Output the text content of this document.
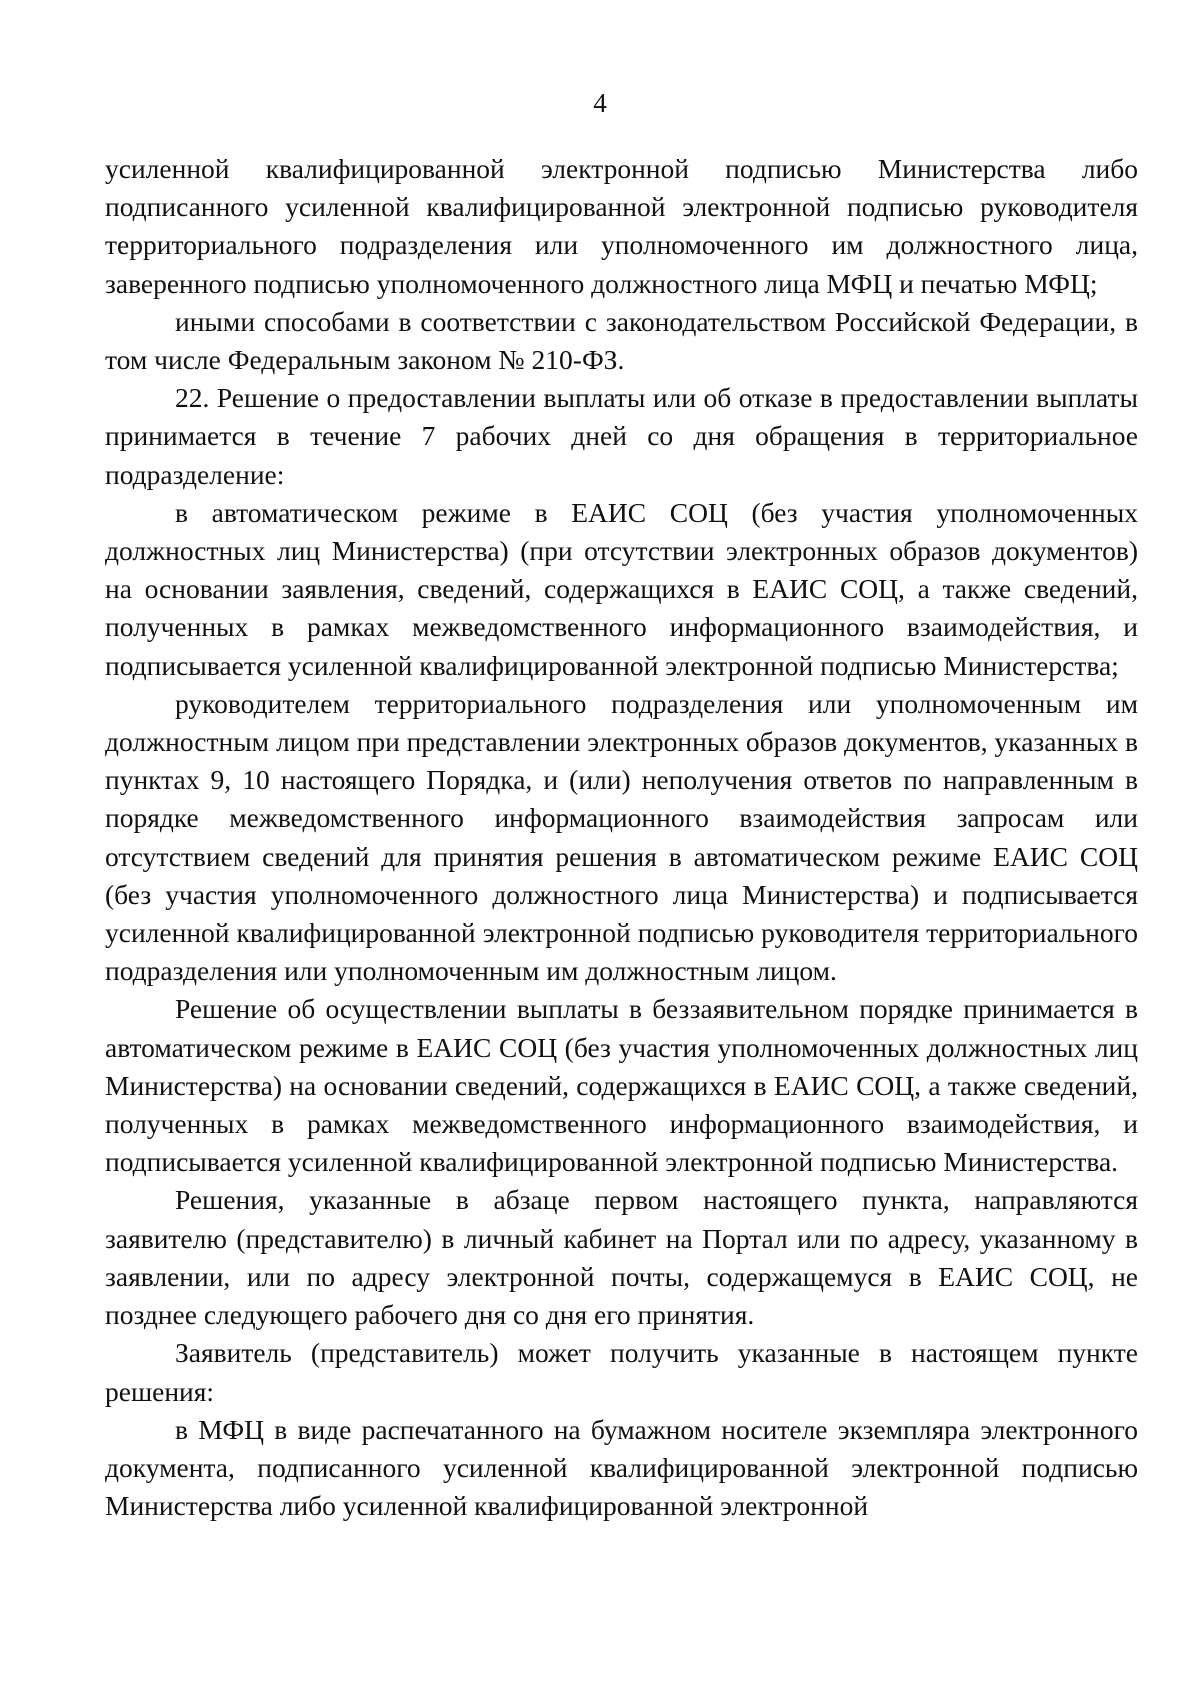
4

усиленной квалифицированной электронной подписью Министерства либо подписанного усиленной квалифицированной электронной подписью руководителя территориального подразделения или уполномоченного им должностного лица, заверенного подписью уполномоченного должностного лица МФЦ и печатью МФЦ;

иными способами в соответствии с законодательством Российской Федерации, в том числе Федеральным законом № 210-ФЗ.

22. Решение о предоставлении выплаты или об отказе в предоставлении выплаты принимается в течение 7 рабочих дней со дня обращения в территориальное подразделение:

в автоматическом режиме в ЕАИС СОЦ (без участия уполномоченных должностных лиц Министерства) (при отсутствии электронных образов документов) на основании заявления, сведений, содержащихся в ЕАИС СОЦ, а также сведений, полученных в рамках межведомственного информационного взаимодействия, и подписывается усиленной квалифицированной электронной подписью Министерства;

руководителем территориального подразделения или уполномоченным им должностным лицом при представлении электронных образов документов, указанных в пунктах 9, 10 настоящего Порядка, и (или) неполучения ответов по направленным в порядке межведомственного информационного взаимодействия запросам или отсутствием сведений для принятия решения в автоматическом режиме ЕАИС СОЦ (без участия уполномоченного должностного лица Министерства) и подписывается усиленной квалифицированной электронной подписью руководителя территориального подразделения или уполномоченным им должностным лицом.

Решение об осуществлении выплаты в беззаявительном порядке принимается в автоматическом режиме в ЕАИС СОЦ (без участия уполномоченных должностных лиц Министерства) на основании сведений, содержащихся в ЕАИС СОЦ, а также сведений, полученных в рамках межведомственного информационного взаимодействия, и подписывается усиленной квалифицированной электронной подписью Министерства.

Решения, указанные в абзаце первом настоящего пункта, направляются заявителю (представителю) в личный кабинет на Портал или по адресу, указанному в заявлении, или по адресу электронной почты, содержащемуся в ЕАИС СОЦ, не позднее следующего рабочего дня со дня его принятия.

Заявитель (представитель) может получить указанные в настоящем пункте решения:

в МФЦ в виде распечатанного на бумажном носителе экземпляра электронного документа, подписанного усиленной квалифицированной электронной подписью Министерства либо усиленной квалифицированной электронной
